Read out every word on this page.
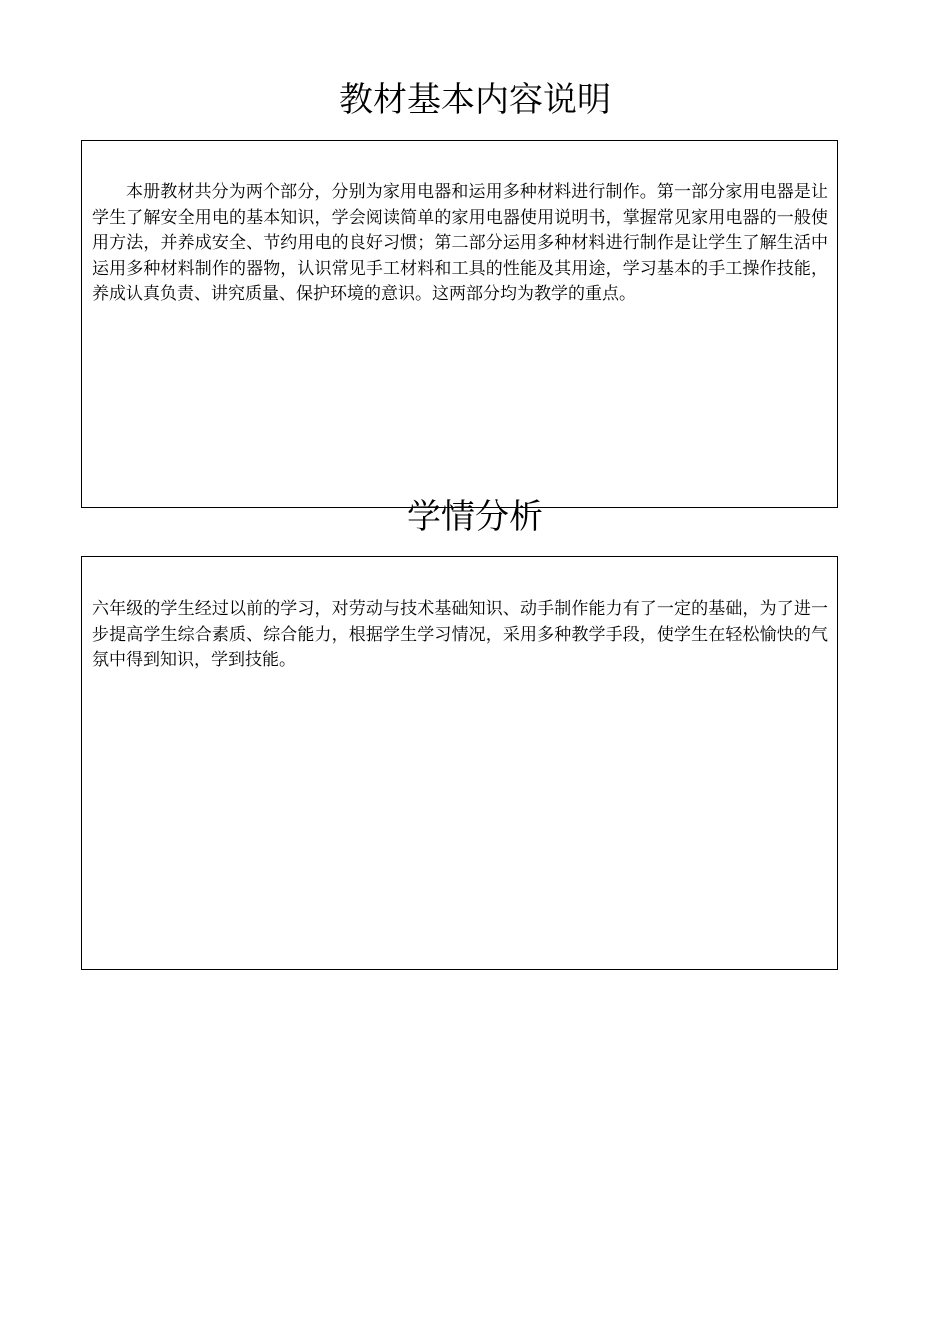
教材基本内容说明

本册教材共分为两个部分，分别为家用电器和运用多种材料进行制作。第一部分家用电器是让学生了解安全用电的基本知识，学会阅读简单的家用电器使用说明书，掌握常见家用电器的一般使用方法，并养成安全、节约用电的良好习惯；第二部分运用多种材料进行制作是让学生了解生活中运用多种材料制作的器物，认识常见手工材料和工具的性能及其用途，学习基本的手工操作技能，养成认真负责、讲究质量、保护环境的意识。这两部分均为教学的重点。

学情分析

六年级的学生经过以前的学习，对劳动与技术基础知识、动手制作能力有了一定的基础，为了进一步提高学生综合素质、综合能力，根据学生学习情况，采用多种教学手段，使学生在轻松愉快的气氛中得到知识，学到技能。
